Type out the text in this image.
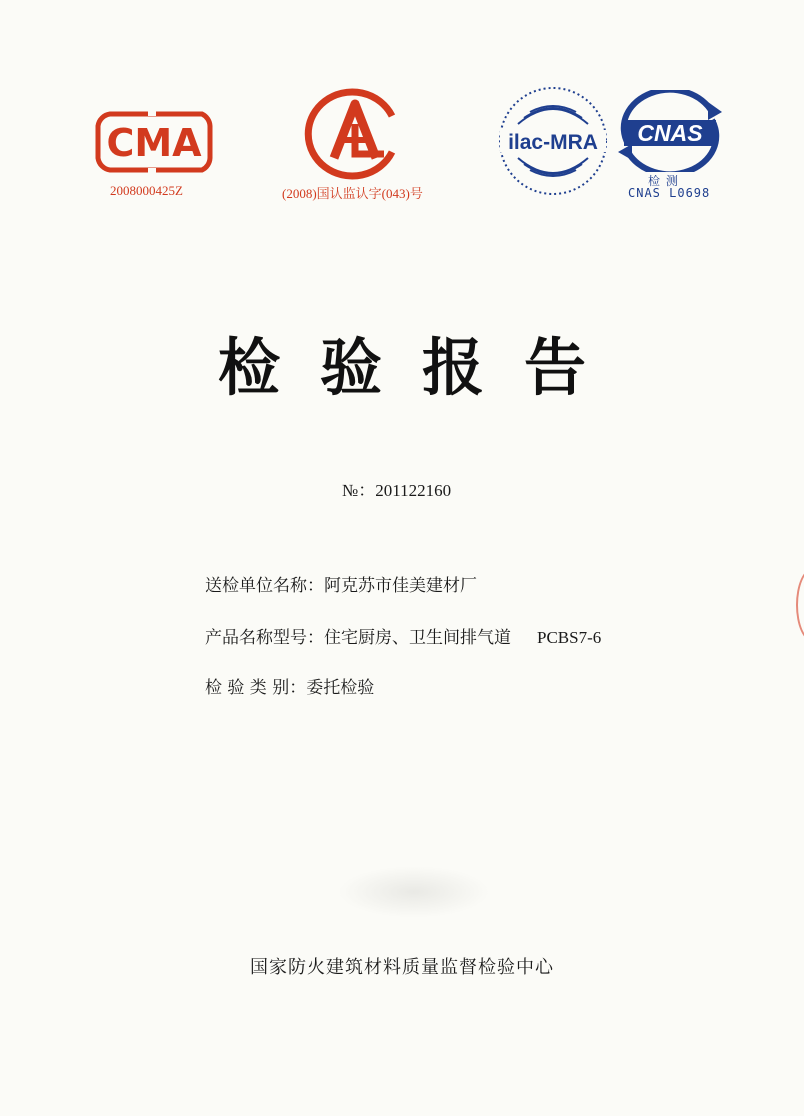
CMA
2008000425Z	(2008)国认监认字(043)号
ilac-MRA CNAS
检 测
CNAS L0698
检验报告
№：201122160
送检单位名称：阿克苏市佳美建材厂
产品名称型号：住宅厨房、卫生间排气道 PCBS7-6
检 验 类 别：委托检验
国家防火建筑材料质量监督检验中心
